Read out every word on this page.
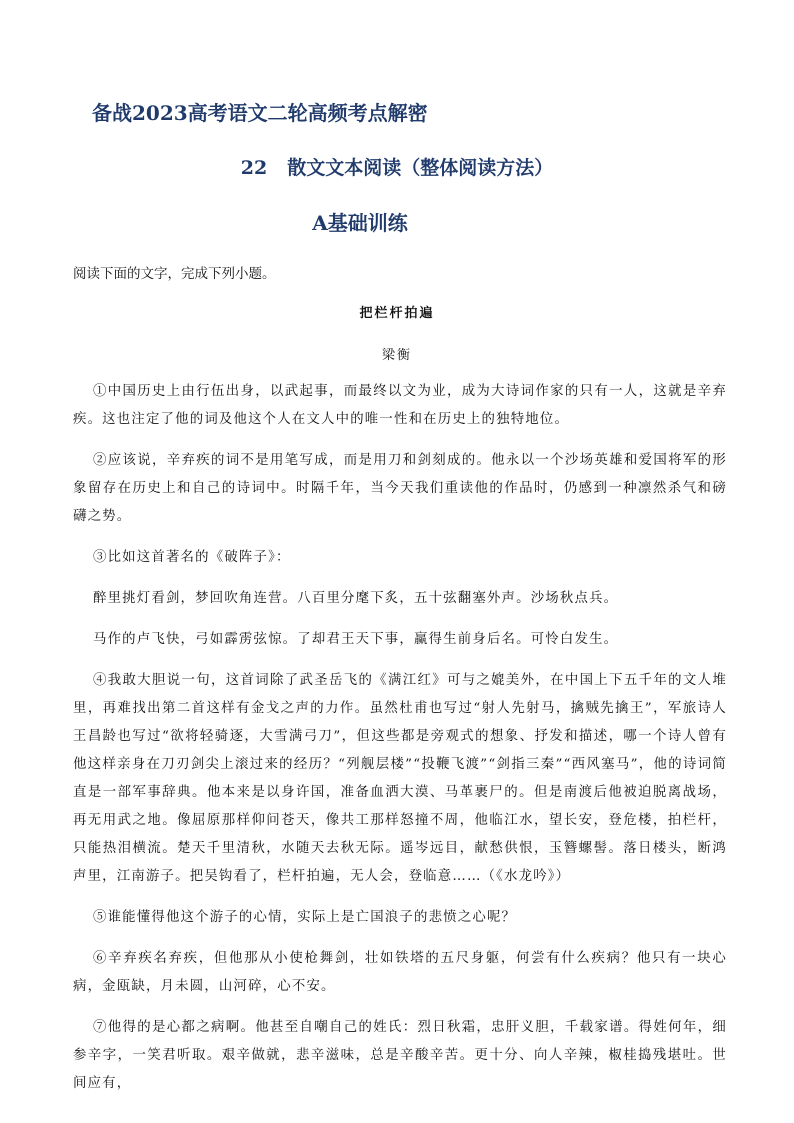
备战2023高考语文二轮高频考点解密
22 散文文本阅读（整体阅读方法）
A基础训练
阅读下面的文字，完成下列小题。
把栏杆拍遍
梁衡

①中国历史上由行伍出身，以武起事，而最终以文为业，成为大诗词作家的只有一人，这就是辛弃疾。这也注定了他的词及他这个人在文人中的唯一性和在历史上的独特地位。

②应该说，辛弃疾的词不是用笔写成，而是用刀和剑刻成的。他永以一个沙场英雄和爱国将军的形象留存在历史上和自己的诗词中。时隔千年，当今天我们重读他的作品时，仍感到一种凛然杀气和磅礴之势。

③比如这首著名的《破阵子》：

醉里挑灯看剑，梦回吹角连营。八百里分麾下炙，五十弦翻塞外声。沙场秋点兵。

马作的卢飞快，弓如霹雳弦惊。了却君王天下事，赢得生前身后名。可怜白发生。

④我敢大胆说一句，这首词除了武圣岳飞的《满江红》可与之媲美外，在中国上下五千年的文人堆里，再难找出第二首这样有金戈之声的力作。虽然杜甫也写过“射人先射马，擒贼先擒王”，军旅诗人王昌龄也写过“欲将轻骑逐，大雪满弓刀”，但这些都是旁观式的想象、抒发和描述，哪一个诗人曾有他这样亲身在刀刃剑尖上滚过来的经历？“列舰层楼”“投鞭飞渡”“剑指三秦”“西风塞马”，他的诗词简直是一部军事辞典。他本来是以身许国，准备血洒大漠、马革裹尸的。但是南渡后他被迫脱离战场，再无用武之地。像屈原那样仰问苍天，像共工那样怒撞不周，他临江水，望长安，登危楼，拍栏杆，只能热泪横流。楚天千里清秋，水随天去秋无际。遥岑远目，献愁供恨，玉簪螺髻。落日楼头，断鸿声里，江南游子。把吴钩看了，栏杆拍遍，无人会，登临意……（《水龙吟》）

⑤谁能懂得他这个游子的心情，实际上是亡国浪子的悲愤之心呢？

⑥辛弃疾名弃疾，但他那从小使枪舞剑，壮如铁塔的五尺身躯，何尝有什么疾病？他只有一块心病，金瓯缺，月未圆，山河碎，心不安。

⑦他得的是心都之病啊。他甚至自嘲自己的姓氏：烈日秋霜，忠肝义胆，千载家谱。得姓何年，细参辛字，一笑君听取。艰辛做就，悲辛滋味，总是辛酸辛苦。更十分、向人辛辣，椒桂捣残堪吐。世间应有，
